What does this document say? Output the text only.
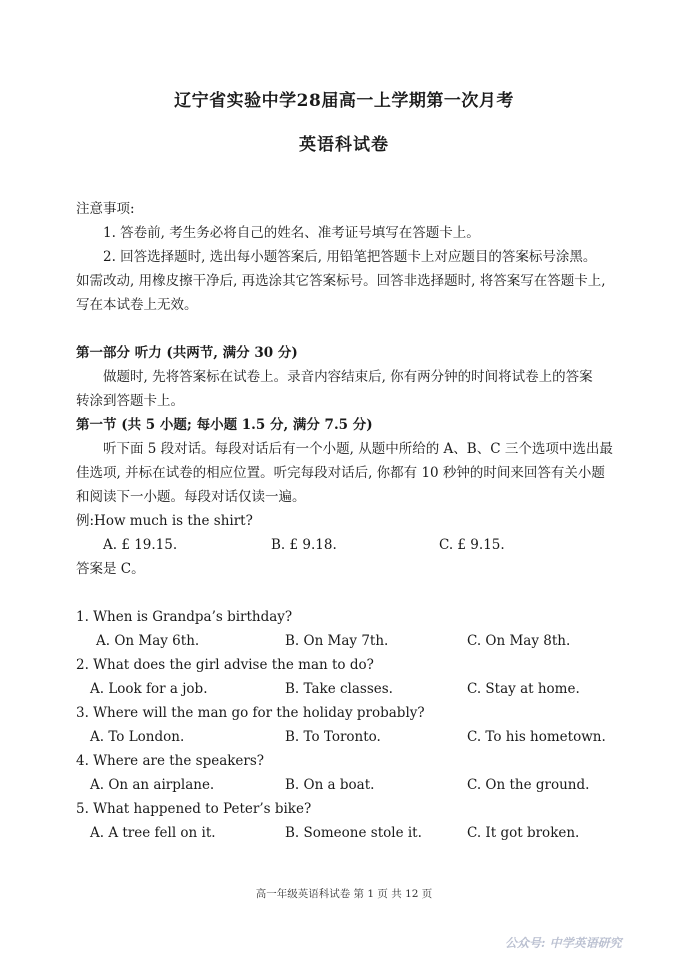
辽宁省实验中学28届高一上学期第一次月考
英语科试卷
注意事项:
1. 答卷前, 考生务必将自己的姓名、准考证号填写在答题卡上。
2. 回答选择题时, 选出每小题答案后, 用铅笔把答题卡上对应题目的答案标号涂黑。
如需改动, 用橡皮擦干净后, 再选涂其它答案标号。回答非选择题时, 将答案写在答题卡上,
写在本试卷上无效。
第一部分 听力 (共两节, 满分 30 分)
做题时, 先将答案标在试卷上。录音内容结束后, 你有两分钟的时间将试卷上的答案
转涂到答题卡上。
第一节 (共 5 小题; 每小题 1.5 分, 满分 7.5 分)
听下面 5 段对话。每段对话后有一个小题, 从题中所给的 A、B、C 三个选项中选出最
佳选项, 并标在试卷的相应位置。听完每段对话后, 你都有 10 秒钟的时间来回答有关小题
和阅读下一小题。每段对话仅读一遍。
例:How much is the shirt?
A. £ 19.15.	B. £ 9.18.	C. £ 9.15.
答案是 C。
1. When is Grandpa’s birthday?
A. On May 6th.	B. On May 7th.	C. On May 8th.
2. What does the girl advise the man to do?
A. Look for a job.	B. Take classes.	C. Stay at home.
3. Where will the man go for the holiday probably?
A. To London.	B. To Toronto.	C. To his hometown.
4. Where are the speakers?
A. On an airplane.	B. On a boat.	C. On the ground.
5. What happened to Peter’s bike?
A. A tree fell on it.	B. Someone stole it.	C. It got broken.
高一年级英语科试卷 第 1 页 共 12 页
公众号: 中学英语研究
